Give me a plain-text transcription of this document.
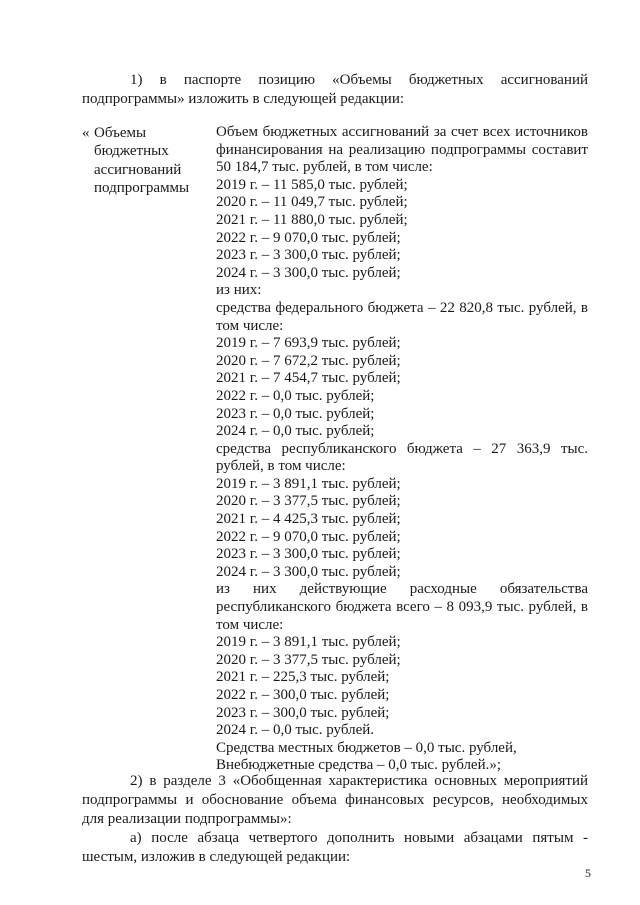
1) в паспорте позицию «Объемы бюджетных ассигнований
подпрограммы» изложить в следующей редакции:
« Объемы
бюджетных
ассигнований
подпрограммы
Объем бюджетных ассигнований за счет всех источников
финансирования на реализацию подпрограммы составит
50 184,7 тыс. рублей, в том числе:
2019 г. – 11 585,0 тыс. рублей;
2020 г. – 11 049,7 тыс. рублей;
2021 г. – 11 880,0 тыс. рублей;
2022 г. – 9 070,0 тыс. рублей;
2023 г. – 3 300,0 тыс. рублей;
2024 г. – 3 300,0 тыс. рублей;
из них:
средства федерального бюджета – 22 820,8 тыс. рублей, в
том числе:
2019 г. – 7 693,9 тыс. рублей;
2020 г. – 7 672,2 тыс. рублей;
2021 г. – 7 454,7 тыс. рублей;
2022 г. – 0,0 тыс. рублей;
2023 г. – 0,0 тыс. рублей;
2024 г. – 0,0 тыс. рублей;
средства республиканского бюджета – 27 363,9 тыс.
рублей, в том числе:
2019 г. – 3 891,1 тыс. рублей;
2020 г. – 3 377,5 тыс. рублей;
2021 г. – 4 425,3 тыс. рублей;
2022 г. – 9 070,0 тыс. рублей;
2023 г. – 3 300,0 тыс. рублей;
2024 г. – 3 300,0 тыс. рублей;
из них действующие расходные обязательства
республиканского бюджета всего – 8 093,9 тыс. рублей, в
том числе:
2019 г. – 3 891,1 тыс. рублей;
2020 г. – 3 377,5 тыс. рублей;
2021 г. – 225,3 тыс. рублей;
2022 г. – 300,0 тыс. рублей;
2023 г. – 300,0 тыс. рублей;
2024 г. – 0,0 тыс. рублей.
Средства местных бюджетов – 0,0 тыс. рублей,
Внебюджетные средства – 0,0 тыс. рублей.»;
2) в разделе 3 «Обобщенная характеристика основных мероприятий
подпрограммы и обоснование объема финансовых ресурсов, необходимых
для реализации подпрограммы»:
а) после абзаца четвертого дополнить новыми абзацами пятым -
шестым, изложив в следующей редакции:
5
